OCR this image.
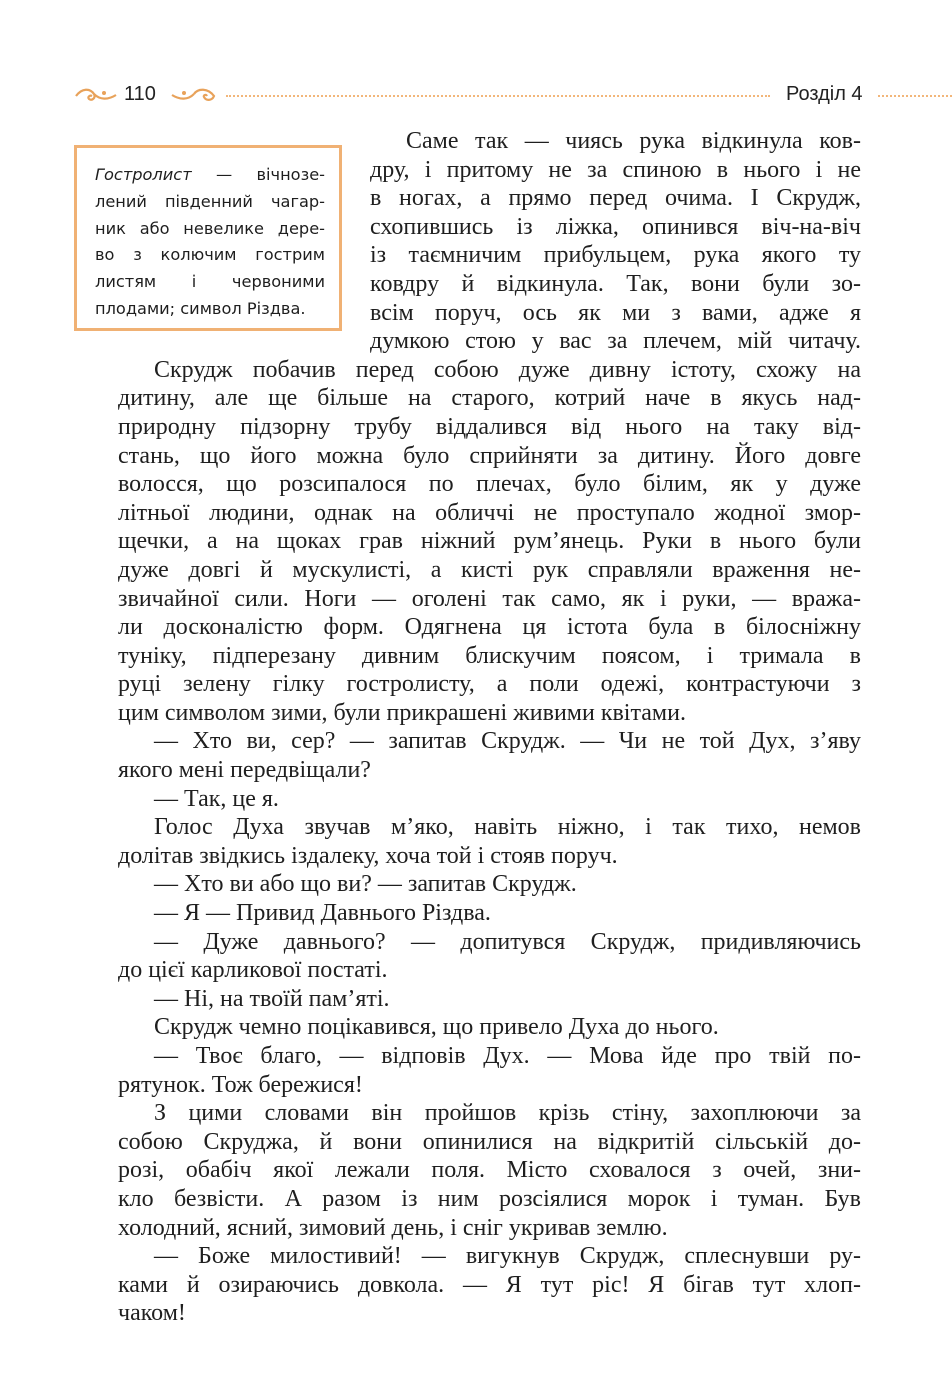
110	Розділ 4
Гостролист — вічнозе-
лений південний чагар-
ник або невелике дере-
во з колючим гострим
листям і червоними
плодами; символ Різдва.
Саме так — чиясь рука відкинула ков-
дру, і притому не за спиною в нього і не
в ногах, а прямо перед очима. І Скрудж,
схопившись із ліжка, опинився віч-на-віч
із таємничим прибульцем, рука якого ту
ковдру й відкинула. Так, вони були зо-
всім поруч, ось як ми з вами, адже я
думкою стою у вас за плечем, мій читачу.
Скрудж побачив перед собою дуже дивну істоту, схожу на
дитину, але ще більше на старого, котрий наче в якусь над-
природну підзорну трубу віддалився від нього на таку від-
стань, що його можна було сприйняти за дитину. Його довге
волосся, що розсипалося по плечах, було білим, як у дуже
літньої людини, однак на обличчі не проступало жодної змор-
щечки, а на щоках грав ніжний рум’янець. Руки в нього були
дуже довгі й мускулисті, а кисті рук справляли враження не-
звичайної сили. Ноги — оголені так само, як і руки, — вража-
ли досконалістю форм. Одягнена ця істота була в білосніжну
туніку, підперезану дивним блискучим поясом, і тримала в
руці зелену гілку гостролисту, а поли одежі, контрастуючи з
цим символом зими, були прикрашені живими квітами.
— Хто ви, сер? — запитав Скрудж. — Чи не той Дух, з’яву
якого мені передвіщали?
— Так, це я.
Голос Духа звучав м’яко, навіть ніжно, і так тихо, немов
долітав звідкись іздалеку, хоча той і стояв поруч.
— Хто ви або що ви? — запитав Скрудж.
— Я — Привид Давнього Різдва.
— Дуже давнього? — допитувся Скрудж, придивляючись
до цієї карликової постаті.
— Ні, на твоїй пам’яті.
Скрудж чемно поцікавився, що привело Духа до нього.
— Твоє благо, — відповів Дух. — Мова йде про твій по-
рятунок. Тож бережися!
З цими словами він пройшов крізь стіну, захоплюючи за
собою Скруджа, й вони опинилися на відкритій сільській до-
розі, обабіч якої лежали поля. Місто сховалося з очей, зни-
кло безвісти. А разом із ним розсіялися морок і туман. Був
холодний, ясний, зимовий день, і сніг укривав землю.
— Боже милостивий! — вигукнув Скрудж, сплеснувши ру-
ками й озираючись довкола. — Я тут ріс! Я бігав тут хлоп-
чаком!
